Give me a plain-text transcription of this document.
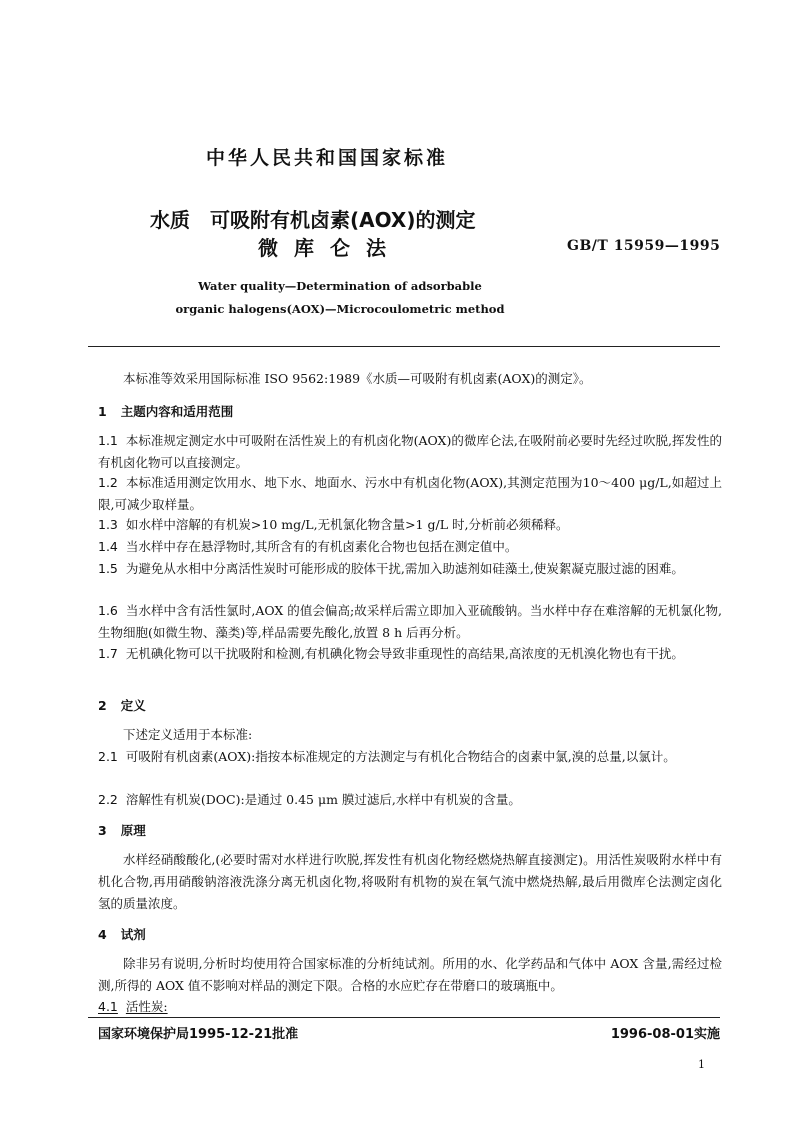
中华人民共和国国家标准
水质　可吸附有机卤素(AOX)的测定
微库仑法	GB/T 15959—1995
Water quality—Determination of adsorbable
organic halogens(AOX)—Microcoulometric method
本标准等效采用国际标准 ISO 9562:1989《水质—可吸附有机卤素(AOX)的测定》。
1 主题内容和适用范围
1.1 本标准规定测定水中可吸附在活性炭上的有机卤化物(AOX)的微库仑法,在吸附前必要时先经过吹脱,挥发性的有机卤化物可以直接测定。
1.2 本标准适用测定饮用水、地下水、地面水、污水中有机卤化物(AOX),其测定范围为10～400 μg/L,如超过上限,可减少取样量。
1.3 如水样中溶解的有机炭>10 mg/L,无机氯化物含量>1 g/L 时,分析前必须稀释。
1.4 当水样中存在悬浮物时,其所含有的有机卤素化合物也包括在测定值中。
1.5 为避免从水相中分离活性炭时可能形成的胶体干扰,需加入助滤剂如硅藻土,使炭絮凝克服过滤的困难。
1.6 当水样中含有活性氯时,AOX 的值会偏高;故采样后需立即加入亚硫酸钠。当水样中存在难溶解的无机氯化物,生物细胞(如微生物、藻类)等,样品需要先酸化,放置 8 h 后再分析。
1.7 无机碘化物可以干扰吸附和检测,有机碘化物会导致非重现性的高结果,高浓度的无机溴化物也有干扰。
2 定义
下述定义适用于本标准:
2.1 可吸附有机卤素(AOX):指按本标准规定的方法测定与有机化合物结合的卤素中氯,溴的总量,以氯计。
2.2 溶解性有机炭(DOC):是通过 0.45 μm 膜过滤后,水样中有机炭的含量。
3 原理
水样经硝酸酸化,(必要时需对水样进行吹脱,挥发性有机卤化物经燃烧热解直接测定)。用活性炭吸附水样中有机化合物,再用硝酸钠溶液洗涤分离无机卤化物,将吸附有机物的炭在氧气流中燃烧热解,最后用微库仑法测定卤化氢的质量浓度。
4 试剂
除非另有说明,分析时均使用符合国家标准的分析纯试剂。所用的水、化学药品和气体中 AOX 含量,需经过检测,所得的 AOX 值不影响对样品的测定下限。合格的水应贮存在带磨口的玻璃瓶中。
4.1 活性炭:
国家环境保护局1995-12-21批准	1996-08-01实施
1
